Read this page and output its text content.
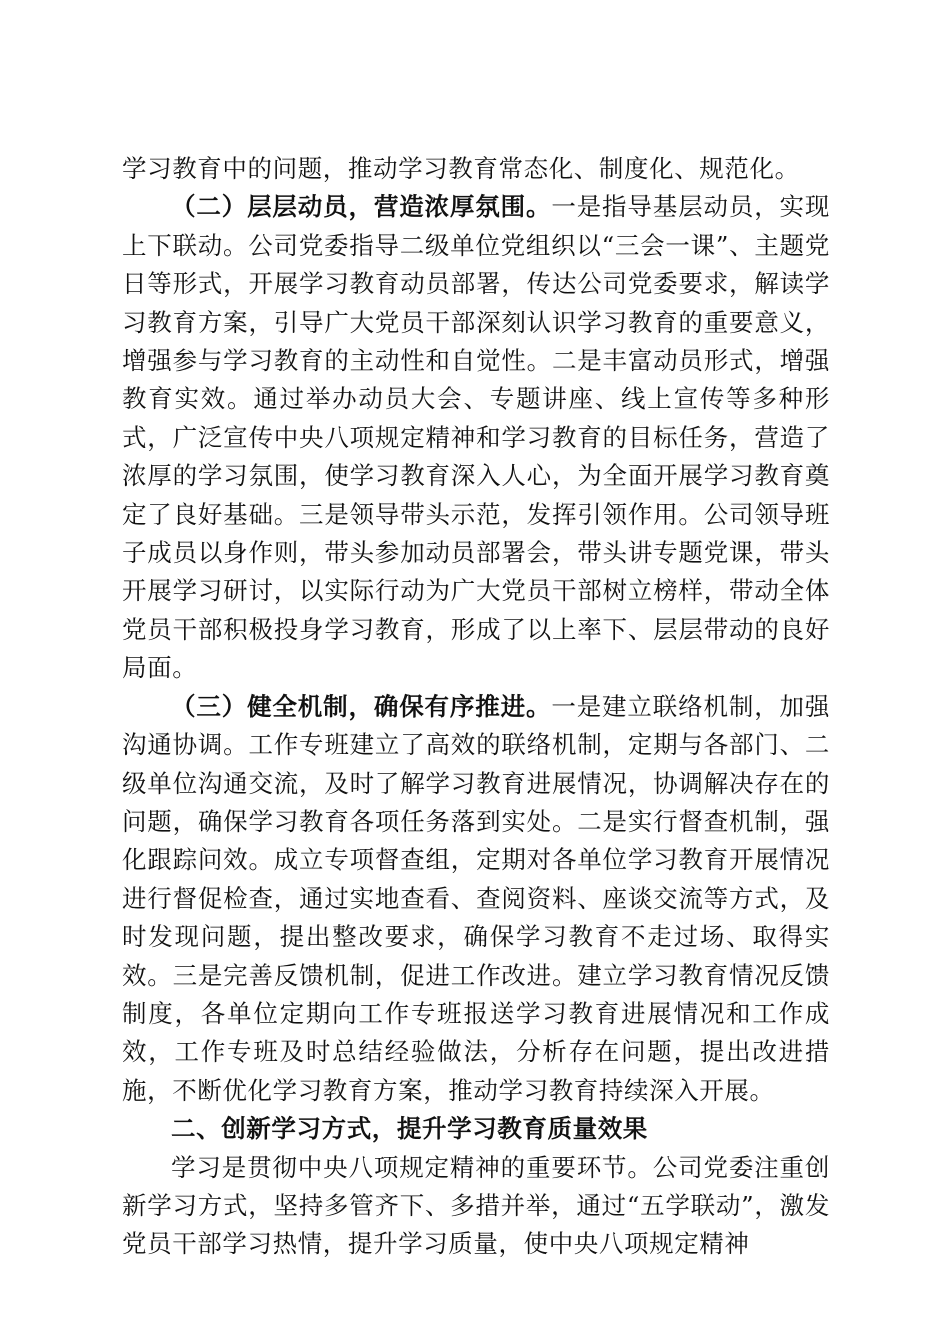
学习教育中的问题，推动学习教育常态化、制度化、规范化。

（二）层层动员，营造浓厚氛围。一是指导基层动员，实现上下联动。公司党委指导二级单位党组织以“三会一课”、主题党日等形式，开展学习教育动员部署，传达公司党委要求，解读学习教育方案，引导广大党员干部深刻认识学习教育的重要意义，增强参与学习教育的主动性和自觉性。二是丰富动员形式，增强教育实效。通过举办动员大会、专题讲座、线上宣传等多种形式，广泛宣传中央八项规定精神和学习教育的目标任务，营造了浓厚的学习氛围，使学习教育深入人心，为全面开展学习教育奠定了良好基础。三是领导带头示范，发挥引领作用。公司领导班子成员以身作则，带头参加动员部署会，带头讲专题党课，带头开展学习研讨，以实际行动为广大党员干部树立榜样，带动全体党员干部积极投身学习教育，形成了以上率下、层层带动的良好局面。

（三）健全机制，确保有序推进。一是建立联络机制，加强沟通协调。工作专班建立了高效的联络机制，定期与各部门、二级单位沟通交流，及时了解学习教育进展情况，协调解决存在的问题，确保学习教育各项任务落到实处。二是实行督查机制，强化跟踪问效。成立专项督查组，定期对各单位学习教育开展情况进行督促检查，通过实地查看、查阅资料、座谈交流等方式，及时发现问题，提出整改要求，确保学习教育不走过场、取得实效。三是完善反馈机制，促进工作改进。建立学习教育情况反馈制度，各单位定期向工作专班报送学习教育进展情况和工作成效，工作专班及时总结经验做法，分析存在问题，提出改进措施，不断优化学习教育方案，推动学习教育持续深入开展。

二、创新学习方式，提升学习教育质量效果

学习是贯彻中央八项规定精神的重要环节。公司党委注重创新学习方式，坚持多管齐下、多措并举，通过“五学联动”，激发党员干部学习热情，提升学习质量，使中央八项规定精神
